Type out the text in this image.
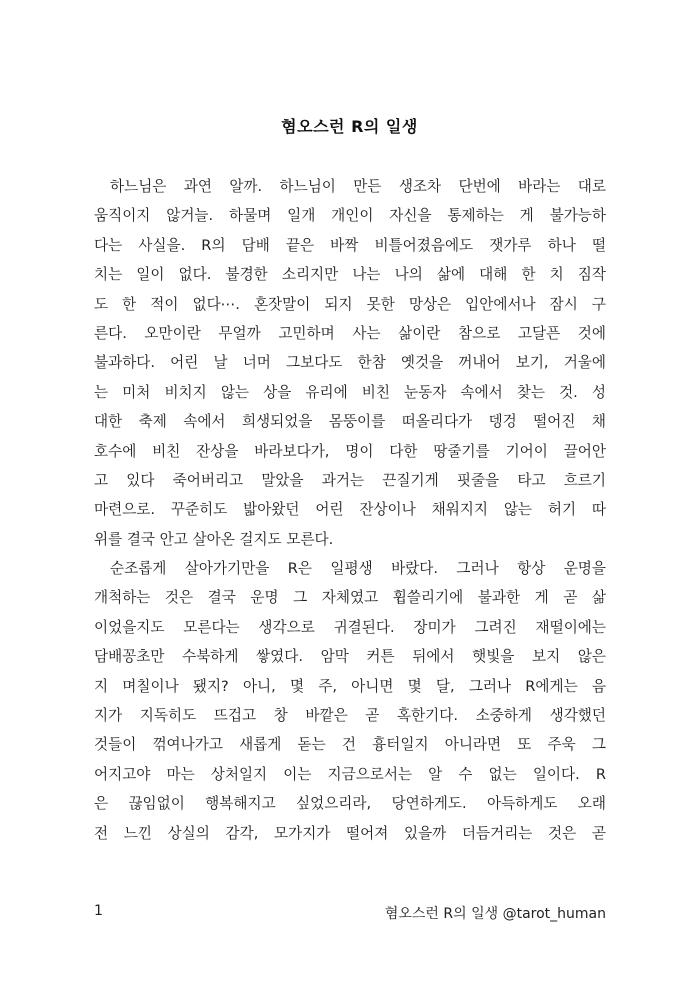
혐오스런 R의 일생
하느님은 과연 알까. 하느님이 만든 생조차 단번에 바라는 대로
움직이지 않거늘. 하물며 일개 개인이 자신을 통제하는 게 불가능하
다는 사실을. R의 담배 끝은 바짝 비틀어졌음에도 잿가루 하나 떨
치는 일이 없다. 불경한 소리지만 나는 나의 삶에 대해 한 치 짐작
도 한 적이 없다⋯. 혼잣말이 되지 못한 망상은 입안에서나 잠시 구
른다. 오만이란 무얼까 고민하며 사는 삶이란 참으로 고달픈 것에
불과하다. 어린 날 너머 그보다도 한참 옛것을 꺼내어 보기, 거울에
는 미처 비치지 않는 상을 유리에 비친 눈동자 속에서 찾는 것. 성
대한 축제 속에서 희생되었을 몸뚱이를 떠올리다가 뎅겅 떨어진 채
호수에 비친 잔상을 바라보다가, 명이 다한 땅줄기를 기어이 끌어안
고 있다 죽어버리고 말았을 과거는 끈질기게 핏줄을 타고 흐르기
마련으로. 꾸준히도 밟아왔던 어린 잔상이나 채워지지 않는 허기 따
위를 결국 안고 살아온 걸지도 모른다.
순조롭게 살아가기만을 R은 일평생 바랐다. 그러나 항상 운명을
개척하는 것은 결국 운명 그 자체였고 휩쓸리기에 불과한 게 곧 삶
이었을지도 모른다는 생각으로 귀결된다. 장미가 그려진 재떨이에는
담배꽁초만 수북하게 쌓였다. 암막 커튼 뒤에서 햇빛을 보지 않은
지 며칠이나 됐지? 아니, 몇 주, 아니면 몇 달, 그러나 R에게는 음
지가 지독히도 뜨겁고 창 바깥은 곧 혹한기다. 소중하게 생각했던
것들이 꺾여나가고 새롭게 돋는 건 흉터일지 아니라면 또 주욱 그
어지고야 마는 상처일지 이는 지금으로서는 알 수 없는 일이다. R
은 끊임없이 행복해지고 싶었으리라, 당연하게도. 아득하게도 오래
전 느낀 상실의 감각, 모가지가 떨어져 있을까 더듬거리는 것은 곧
1	혐오스런 R의 일생 @tarot_human
